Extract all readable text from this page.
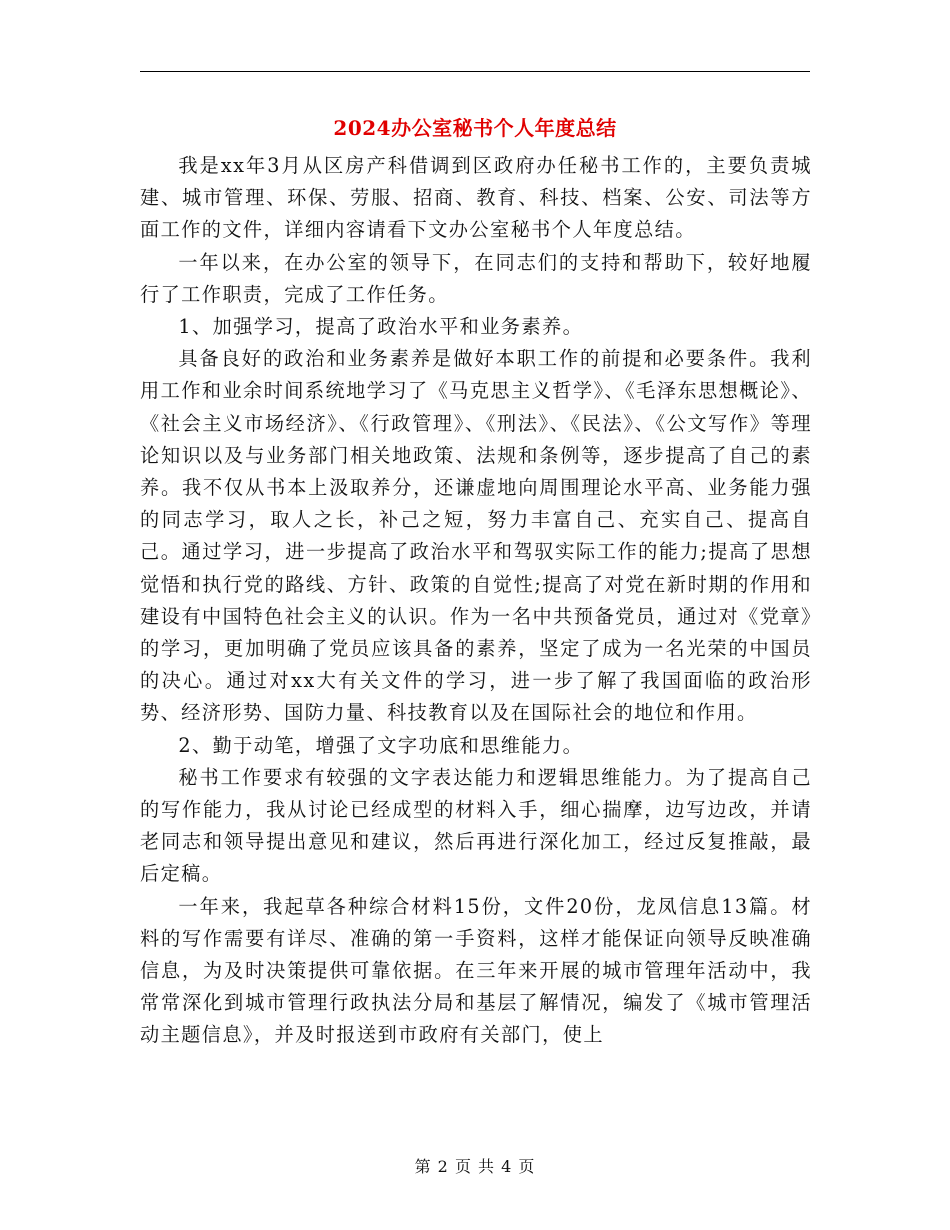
2024办公室秘书个人年度总结

我是xx年3月从区房产科借调到区政府办任秘书工作的，主要负责城建、城市管理、环保、劳服、招商、教育、科技、档案、公安、司法等方面工作的文件，详细内容请看下文办公室秘书个人年度总结。

一年以来，在办公室的领导下，在同志们的支持和帮助下，较好地履行了工作职责，完成了工作任务。

1、加强学习，提高了政治水平和业务素养。

具备良好的政治和业务素养是做好本职工作的前提和必要条件。我利用工作和业余时间系统地学习了《马克思主义哲学》、《毛泽东思想概论》、《社会主义市场经济》、《行政管理》、《刑法》、《民法》、《公文写作》等理论知识以及与业务部门相关地政策、法规和条例等，逐步提高了自己的素养。我不仅从书本上汲取养分，还谦虚地向周围理论水平高、业务能力强的同志学习，取人之长，补己之短，努力丰富自己、充实自己、提高自己。通过学习，进一步提高了政治水平和驾驭实际工作的能力;提高了思想觉悟和执行党的路线、方针、政策的自觉性;提高了对党在新时期的作用和建设有中国特色社会主义的认识。作为一名中共预备党员，通过对《党章》的学习，更加明确了党员应该具备的素养，坚定了成为一名光荣的中国员的决心。通过对xx大有关文件的学习，进一步了解了我国面临的政治形势、经济形势、国防力量、科技教育以及在国际社会的地位和作用。

2、勤于动笔，增强了文字功底和思维能力。

秘书工作要求有较强的文字表达能力和逻辑思维能力。为了提高自己的写作能力，我从讨论已经成型的材料入手，细心揣摩，边写边改，并请老同志和领导提出意见和建议，然后再进行深化加工，经过反复推敲，最后定稿。

一年来，我起草各种综合材料15份，文件20份，龙凤信息13篇。材料的写作需要有详尽、准确的第一手资料，这样才能保证向领导反映准确信息，为及时决策提供可靠依据。在三年来开展的城市管理年活动中，我常常深化到城市管理行政执法分局和基层了解情况，编发了《城市管理活动主题信息》，并及时报送到市政府有关部门，使上

第 2 页 共 4 页
